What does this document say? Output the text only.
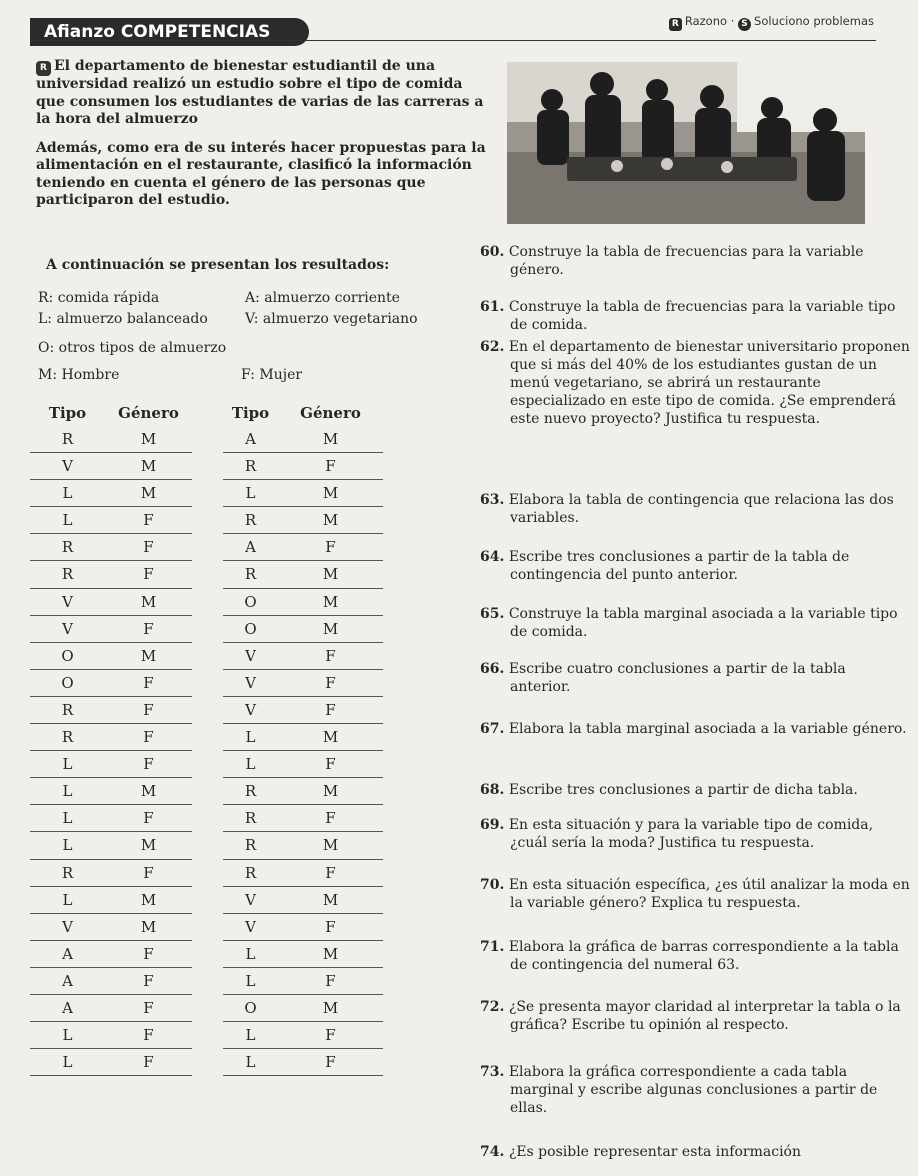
Afianzo COMPETENCIAS	R Razono · S Soluciono problemas

R El departamento de bienestar estudiantil de una universidad realizó un estudio sobre el tipo de comida que consumen los estudiantes de varias de las carreras a la hora del almuerzo

Además, como era de su interés hacer propuestas para la alimentación en el restaurante, clasificó la información teniendo en cuenta el género de las personas que participaron del estudio.

A continuación se presentan los resultados:
R: comida rápida	A: almuerzo corriente
L: almuerzo balanceado	V: almuerzo vegetariano
O: otros tipos de almuerzo
M: Hombre	F: Mujer
Tipo	Género
R	M
V	M
L	M
L	F
R	F
R	F
V	M
V	F
O	M
O	F
R	F
R	F
L	F
L	M
L	F
L	M
R	F
L	M
V	M
A	F
A	F
A	F
L	F
L	F
Tipo	Género
A	M
R	F
L	M
R	M
A	F
R	M
O	M
O	M
V	F
V	F
V	F
L	M
L	F
R	M
R	F
R	M
R	F
V	M
V	F
L	M
L	F
O	M
L	F
L	F
60. Construye la tabla de frecuencias para la variable género.
61. Construye la tabla de frecuencias para la variable tipo de comida.
62. En el departamento de bienestar universitario proponen que si más del 40% de los estudiantes gustan de un menú vegetariano, se abrirá un restaurante especializado en este tipo de comida. ¿Se emprenderá este nuevo proyecto? Justifica tu respuesta.
63. Elabora la tabla de contingencia que relaciona las dos variables.
64. Escribe tres conclusiones a partir de la tabla de contingencia del punto anterior.
65. Construye la tabla marginal asociada a la variable tipo de comida.
66. Escribe cuatro conclusiones a partir de la tabla anterior.
67. Elabora la tabla marginal asociada a la variable género.
68. Escribe tres conclusiones a partir de dicha tabla.
69. En esta situación y para la variable tipo de comida, ¿cuál sería la moda? Justifica tu respuesta.
70. En esta situación específica, ¿es útil analizar la moda en la variable género? Explica tu respuesta.
71. Elabora la gráfica de barras correspondiente a la tabla de contingencia del numeral 63.
72. ¿Se presenta mayor claridad al interpretar la tabla o la gráfica? Escribe tu opinión al respecto.
73. Elabora la gráfica correspondiente a cada tabla marginal y escribe algunas conclusiones a partir de ellas.
74. ¿Es posible representar esta información
